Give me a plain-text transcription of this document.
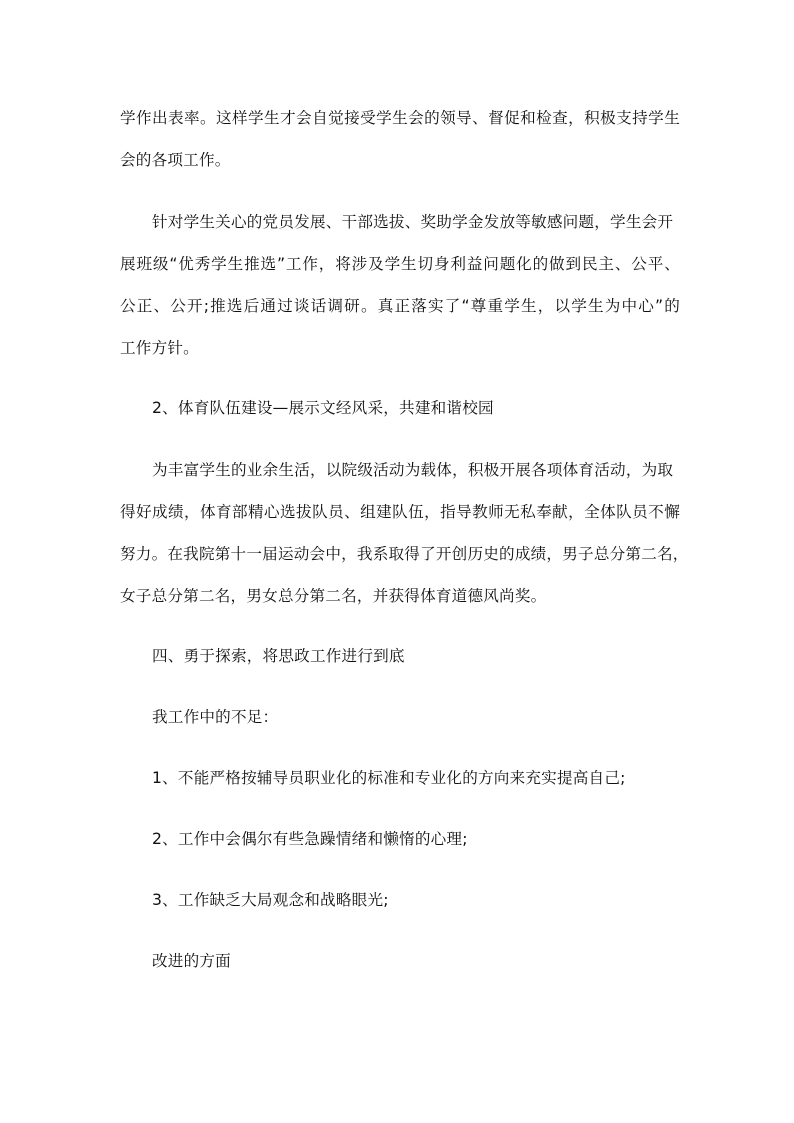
学作出表率。这样学生才会自觉接受学生会的领导、督促和检查，积极支持学生
会的各项工作。
针对学生关心的党员发展、干部选拔、奖助学金发放等敏感问题，学生会开
展班级“优秀学生推选”工作，将涉及学生切身利益问题化的做到民主、公平、
公正、公开;推选后通过谈话调研。真正落实了“尊重学生，以学生为中心”的
工作方针。
2、体育队伍建设—展示文经风采，共建和谐校园
为丰富学生的业余生活，以院级活动为载体，积极开展各项体育活动，为取
得好成绩，体育部精心选拔队员、组建队伍，指导教师无私奉献，全体队员不懈
努力。在我院第十一届运动会中，我系取得了开创历史的成绩，男子总分第二名，
女子总分第二名，男女总分第二名，并获得体育道德风尚奖。
四、勇于探索，将思政工作进行到底
我工作中的不足：
1、不能严格按辅导员职业化的标准和专业化的方向来充实提高自己;
2、工作中会偶尔有些急躁情绪和懒惰的心理;
3、工作缺乏大局观念和战略眼光;
改进的方面
